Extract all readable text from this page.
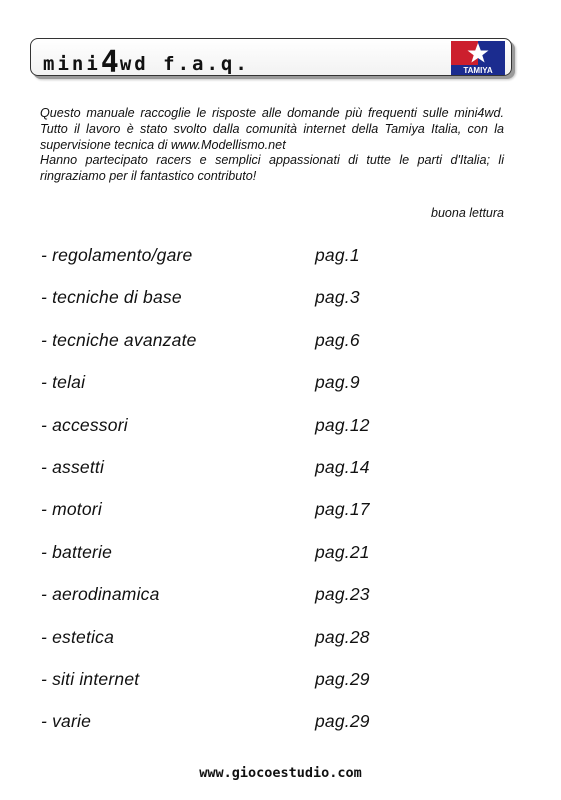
mini4wd f.a.q.	TAMIYA

Questo manuale raccoglie le risposte alle domande più frequenti sulle mini4wd. Tutto il lavoro è stato svolto dalla comunità internet della Tamiya Italia, con la supervisione tecnica di www.Modellismo.net

Hanno partecipato racers e semplici appassionati di tutte le parti d'Italia; li ringraziamo per il fantastico contributo!

buona lettura
- regolamento/gare	pag.1
- tecniche di base	pag.3
- tecniche avanzate	pag.6
- telai	pag.9
- accessori	pag.12
- assetti	pag.14
- motori	pag.17
- batterie	pag.21
- aerodinamica	pag.23
- estetica	pag.28
- siti internet	pag.29
- varie	pag.29
www.giocoestudio.com
